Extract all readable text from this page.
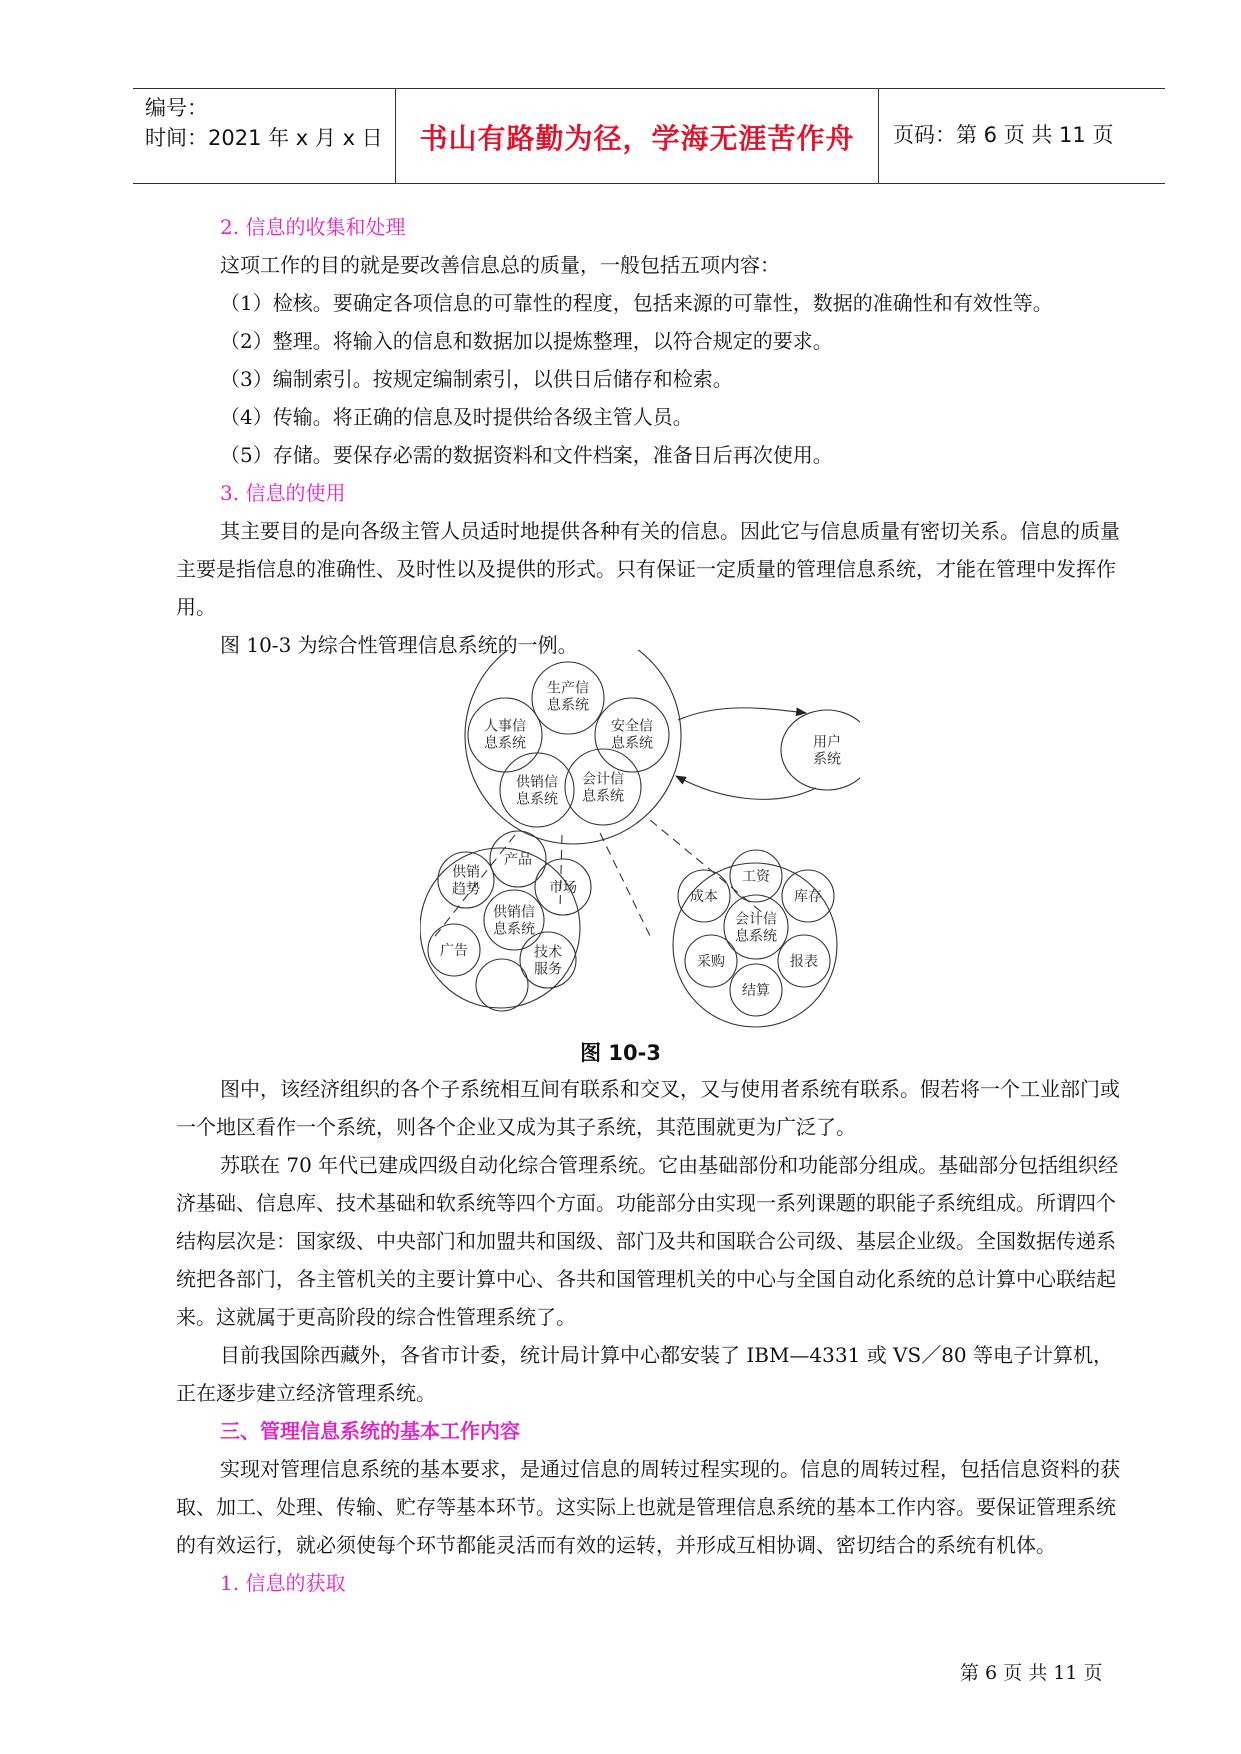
编号：
时间：2021 年 x 月 x 日	书山有路勤为径，学海无涯苦作舟	页码：第 6 页 共 11 页

2. 信息的收集和处理

这项工作的目的就是要改善信息总的质量，一般包括五项内容：

（1）检核。要确定各项信息的可靠性的程度，包括来源的可靠性，数据的准确性和有效性等。

（2）整理。将输入的信息和数据加以提炼整理，以符合规定的要求。

（3）编制索引。按规定编制索引，以供日后储存和检索。

（4）传输。将正确的信息及时提供给各级主管人员。

（5）存储。要保存必需的数据资料和文件档案，准备日后再次使用。

3. 信息的使用

其主要目的是向各级主管人员适时地提供各种有关的信息。因此它与信息质量有密切关系。信息的质量主要是指信息的准确性、及时性以及提供的形式。只有保证一定质量的管理信息系统，才能在管理中发挥作用。

图 10-3 为综合性管理信息系统的一例。

生产信息系统
人事信息系统
安全信息系统
供销信息系统
会计信息系统
用户系统
产品
供销趋势	市场
供销信息系统
广告	技术服务
工资
成本	库存
会计信息系统
采购	报表
结算
图 10-3

图中，该经济组织的各个子系统相互间有联系和交叉，又与使用者系统有联系。假若将一个工业部门或一个地区看作一个系统，则各个企业又成为其子系统，其范围就更为广泛了。

苏联在 70 年代已建成四级自动化综合管理系统。它由基础部份和功能部分组成。基础部分包括组织经济基础、信息库、技术基础和软系统等四个方面。功能部分由实现一系列课题的职能子系统组成。所谓四个结构层次是：国家级、中央部门和加盟共和国级、部门及共和国联合公司级、基层企业级。全国数据传递系统把各部门，各主管机关的主要计算中心、各共和国管理机关的中心与全国自动化系统的总计算中心联结起来。这就属于更高阶段的综合性管理系统了。

目前我国除西藏外，各省市计委，统计局计算中心都安装了 IBM—4331 或 VS／80 等电子计算机，正在逐步建立经济管理系统。

三、管理信息系统的基本工作内容

实现对管理信息系统的基本要求，是通过信息的周转过程实现的。信息的周转过程，包括信息资料的获取、加工、处理、传输、贮存等基本环节。这实际上也就是管理信息系统的基本工作内容。要保证管理系统的有效运行，就必须使每个环节都能灵活而有效的运转，并形成互相协调、密切结合的系统有机体。

1. 信息的获取

第 6 页 共 11 页
